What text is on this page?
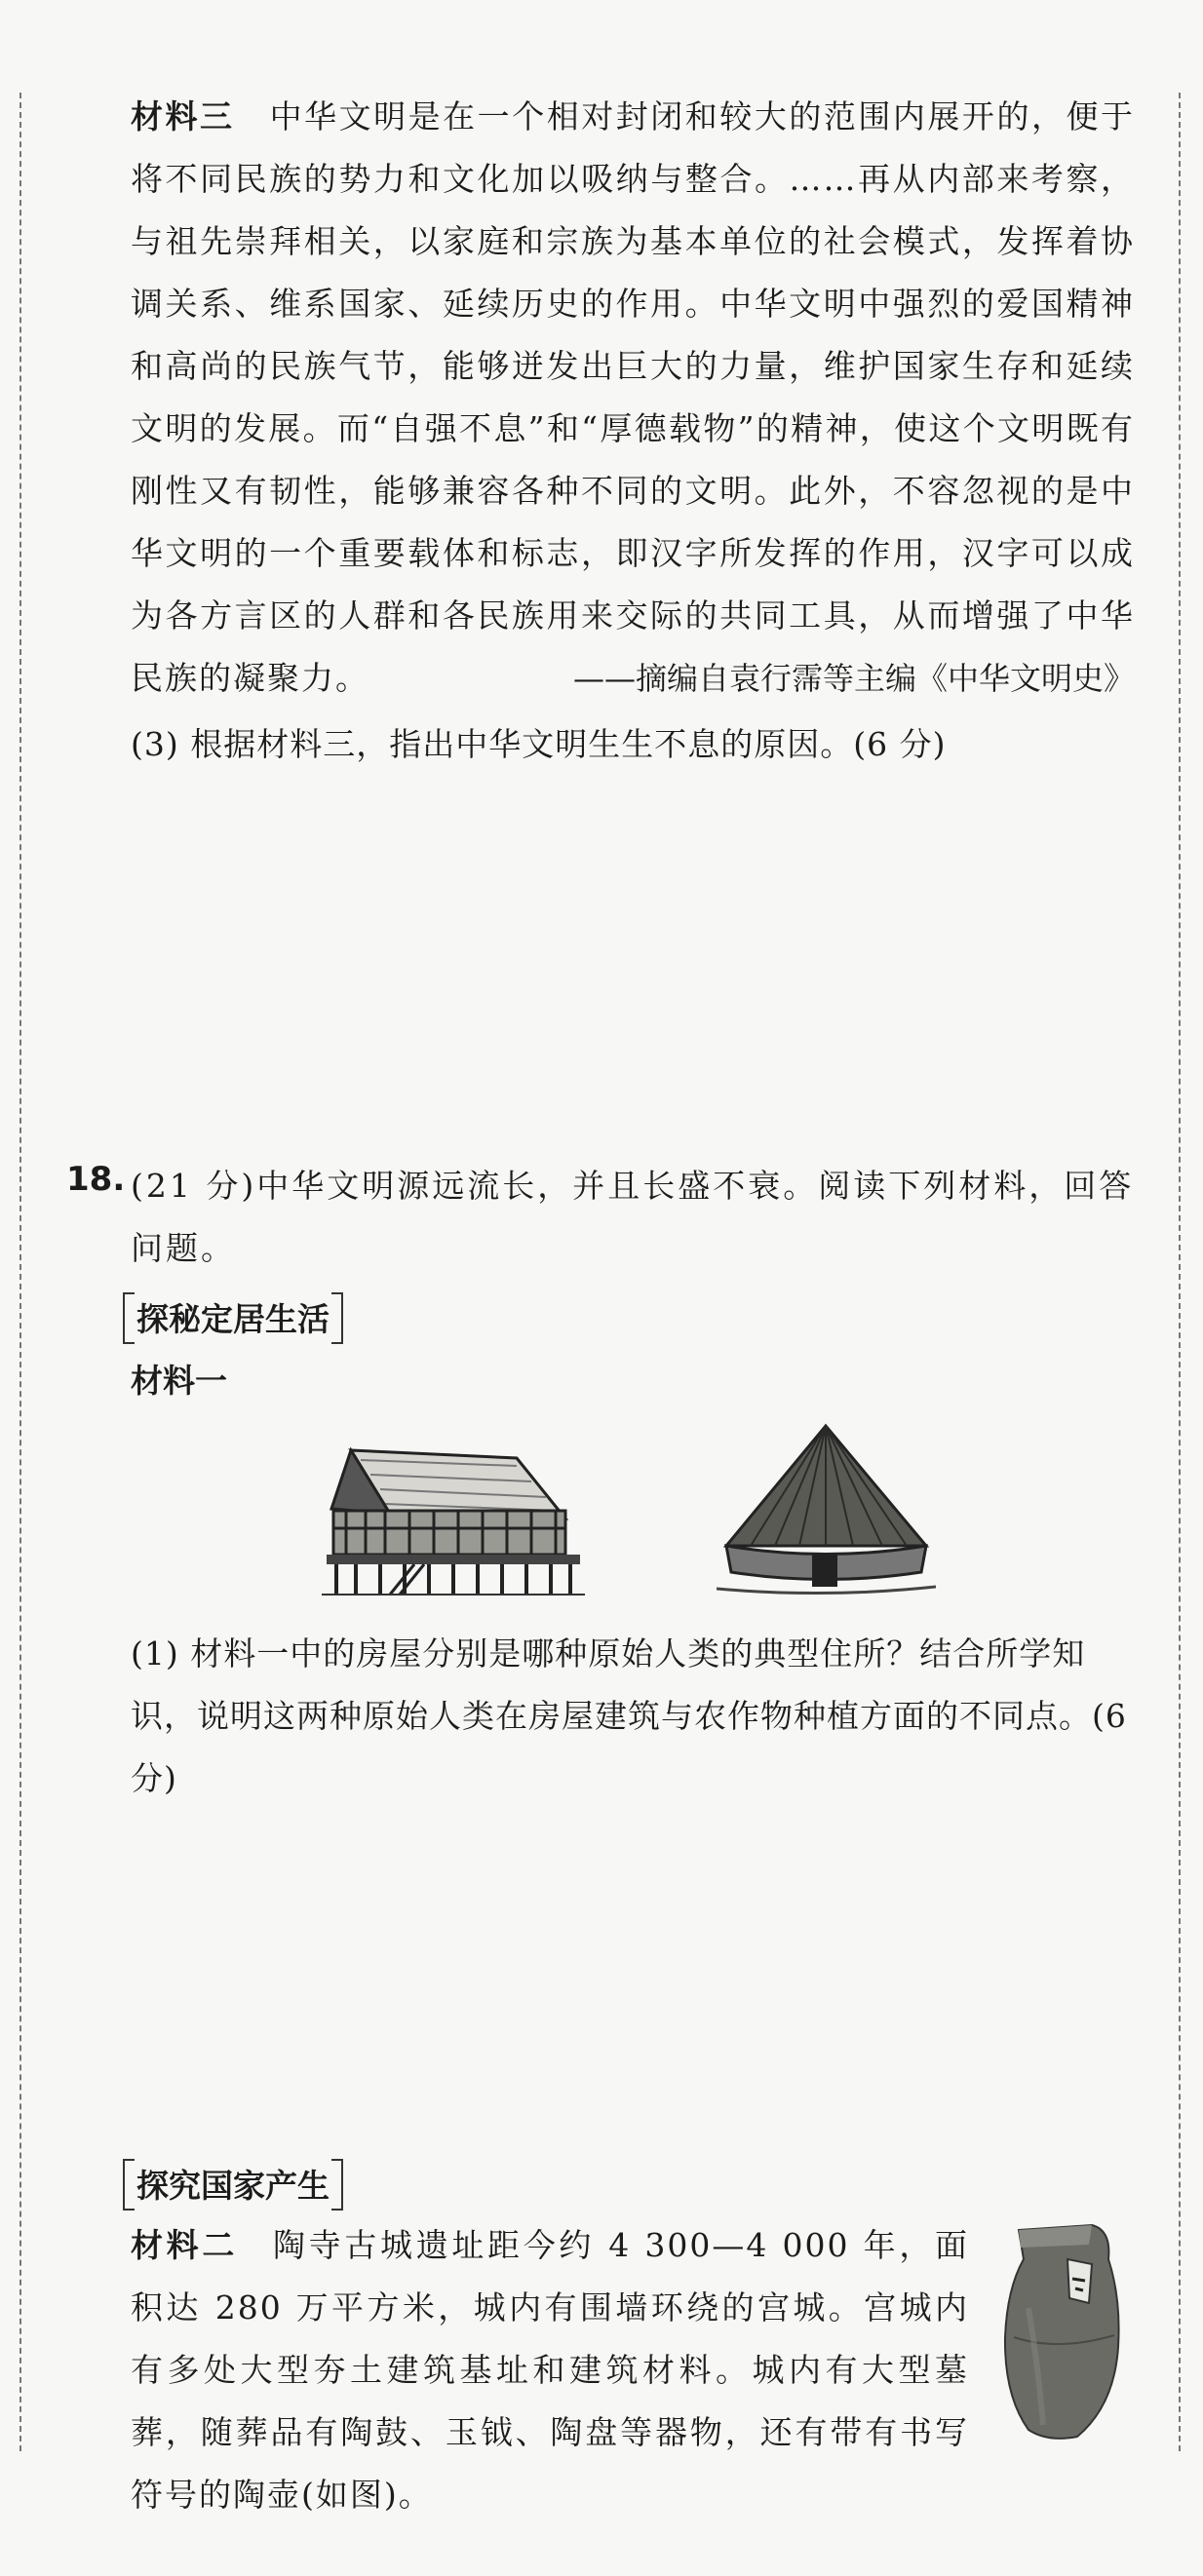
材料三 中华文明是在一个相对封闭和较大的范围内展开的，便于将不同民族的势力和文化加以吸纳与整合。……再从内部来考察，与祖先崇拜相关，以家庭和宗族为基本单位的社会模式，发挥着协调关系、维系国家、延续历史的作用。中华文明中强烈的爱国精神和高尚的民族气节，能够迸发出巨大的力量，维护国家生存和延续文明的发展。而“自强不息”和“厚德载物”的精神，使这个文明既有刚性又有韧性，能够兼容各种不同的文明。此外，不容忽视的是中华文明的一个重要载体和标志，即汉字所发挥的作用，汉字可以成为各方言区的人群和各民族用来交际的共同工具，从而增强了中华民族的凝聚力。	——摘编自袁行霈等主编《中华文明史》

(3) 根据材料三，指出中华文明生生不息的原因。(6 分)

18. (21 分)中华文明源远流长，并且长盛不衰。阅读下列材料，回答问题。

探秘定居生活
材料一

(1) 材料一中的房屋分别是哪种原始人类的典型住所？结合所学知识，说明这两种原始人类在房屋建筑与农作物种植方面的不同点。(6 分)

探究国家产生

材料二 陶寺古城遗址距今约 4 300—4 000 年，面积达 280 万平方米，城内有围墙环绕的宫城。宫城内有多处大型夯土建筑基址和建筑材料。城内有大型墓葬，随葬品有陶鼓、玉钺、陶盘等器物，还有带有书写符号的陶壶(如图)。
